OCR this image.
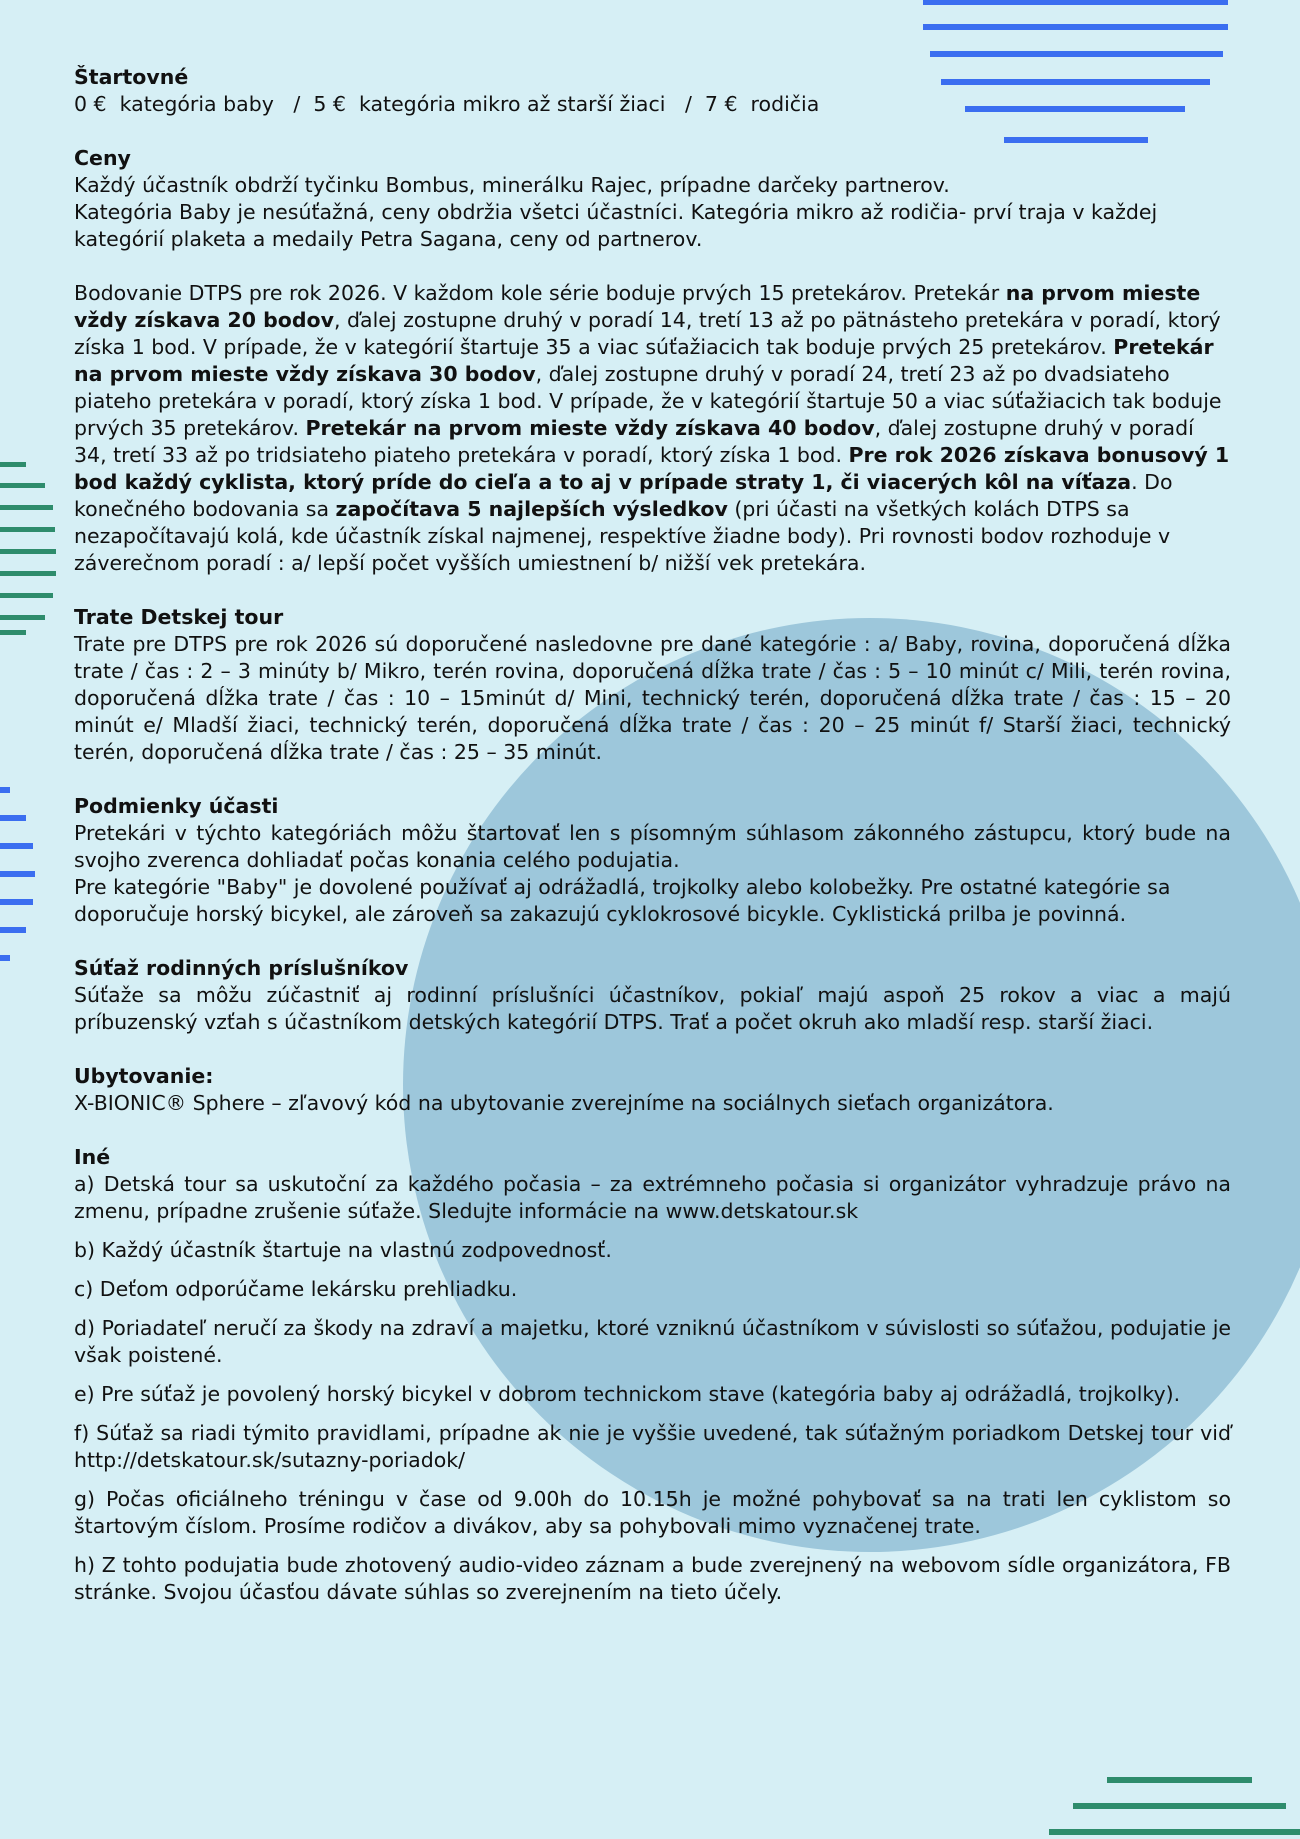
Štartovné

0 €  kategória baby   /  5 €  kategória mikro až starší žiaci   /  7 €  rodičia

Ceny

Každý účastník obdrží tyčinku Bombus, minerálku Rajec, prípadne darčeky partnerov.

Kategória Baby je nesúťažná, ceny obdržia všetci účastníci. Kategória mikro až rodičia- prví traja v každej kategórií plaketa a medaily Petra Sagana, ceny od partnerov.

Bodovanie DTPS pre rok 2026. V každom kole série boduje prvých 15 pretekárov. Pretekár na prvom mieste vždy získava 20 bodov, ďalej zostupne druhý v poradí 14, tretí 13 až po pätnásteho pretekára v poradí, ktorý získa 1 bod. V prípade, že v kategórií štartuje 35 a viac súťažiacich tak boduje prvých 25 pretekárov. Pretekár na prvom mieste vždy získava 30 bodov, ďalej zostupne druhý v poradí 24, tretí 23 až po dvadsiateho piateho pretekára v poradí, ktorý získa 1 bod. V prípade, že v kategórií štartuje 50 a viac súťažiacich tak boduje prvých 35 pretekárov. Pretekár na prvom mieste vždy získava 40 bodov, ďalej zostupne druhý v poradí 34, tretí 33 až po tridsiateho piateho pretekára v poradí, ktorý získa 1 bod. Pre rok 2026 získava bonusový 1 bod každý cyklista, ktorý príde do cieľa a to aj v prípade straty 1, či viacerých kôl na víťaza. Do konečného bodovania sa započítava 5 najlepších výsledkov (pri účasti na všetkých kolách DTPS sa nezapočítavajú kolá, kde účastník získal najmenej, respektíve žiadne body). Pri rovnosti bodov rozhoduje v záverečnom poradí : a/ lepší počet vyšších umiestnení b/ nižší vek pretekára.

Trate Detskej tour

Trate pre DTPS pre rok 2026 sú doporučené nasledovne pre dané kategórie : a/ Baby, rovina, doporučená dĺžka trate / čas : 2 – 3 minúty b/ Mikro, terén rovina, doporučená dĺžka trate / čas : 5 – 10 minút c/ Mili, terén rovina, doporučená dĺžka trate / čas : 10 – 15minút d/ Mini, technický terén, doporučená dĺžka trate / čas : 15 – 20 minút e/ Mladší žiaci, technický terén, doporučená dĺžka trate / čas : 20 – 25 minút f/ Starší žiaci, technický terén, doporučená dĺžka trate / čas : 25 – 35 minút.

Podmienky účasti

Pretekári v týchto kategóriách môžu štartovať len s písomným súhlasom zákonného zástupcu, ktorý bude na svojho zverenca dohliadať počas konania celého podujatia.

Pre kategórie "Baby" je dovolené používať aj odrážadlá, trojkolky alebo kolobežky. Pre ostatné kategórie sa doporučuje horský bicykel, ale zároveň sa zakazujú cyklokrosové bicykle. Cyklistická prilba je povinná.

Súťaž rodinných príslušníkov

Súťaže sa môžu zúčastniť aj rodinní príslušníci účastníkov, pokiaľ majú aspoň 25 rokov a viac a majú príbuzenský vzťah s účastníkom detských kategórií DTPS. Trať a počet okruh ako mladší resp. starší žiaci.

Ubytovanie:

X-BIONIC® Sphere – zľavový kód na ubytovanie zverejníme na sociálnych sieťach organizátora.

Iné

a) Detská tour sa uskutoční za každého počasia – za extrémneho počasia si organizátor vyhradzuje právo na zmenu, prípadne zrušenie súťaže. Sledujte informácie na www.detskatour.sk

b) Každý účastník štartuje na vlastnú zodpovednosť.

c) Deťom odporúčame lekársku prehliadku.

d) Poriadateľ neručí za škody na zdraví a majetku, ktoré vzniknú účastníkom v súvislosti so súťažou, podujatie je však poistené.

e) Pre súťaž je povolený horský bicykel v dobrom technickom stave (kategória baby aj odrážadlá, trojkolky).

f) Súťaž sa riadi týmito pravidlami, prípadne ak nie je vyššie uvedené, tak súťažným poriadkom Detskej tour viď http://detskatour.sk/sutazny-poriadok/

g) Počas oficiálneho tréningu v čase od 9.00h do 10.15h je možné pohybovať sa na trati len cyklistom so štartovým číslom. Prosíme rodičov a divákov, aby sa pohybovali mimo vyznačenej trate.

h) Z tohto podujatia bude zhotovený audio-video záznam a bude zverejnený na webovom sídle organizátora, FB stránke. Svojou účasťou dávate súhlas so zverejnením na tieto účely.
